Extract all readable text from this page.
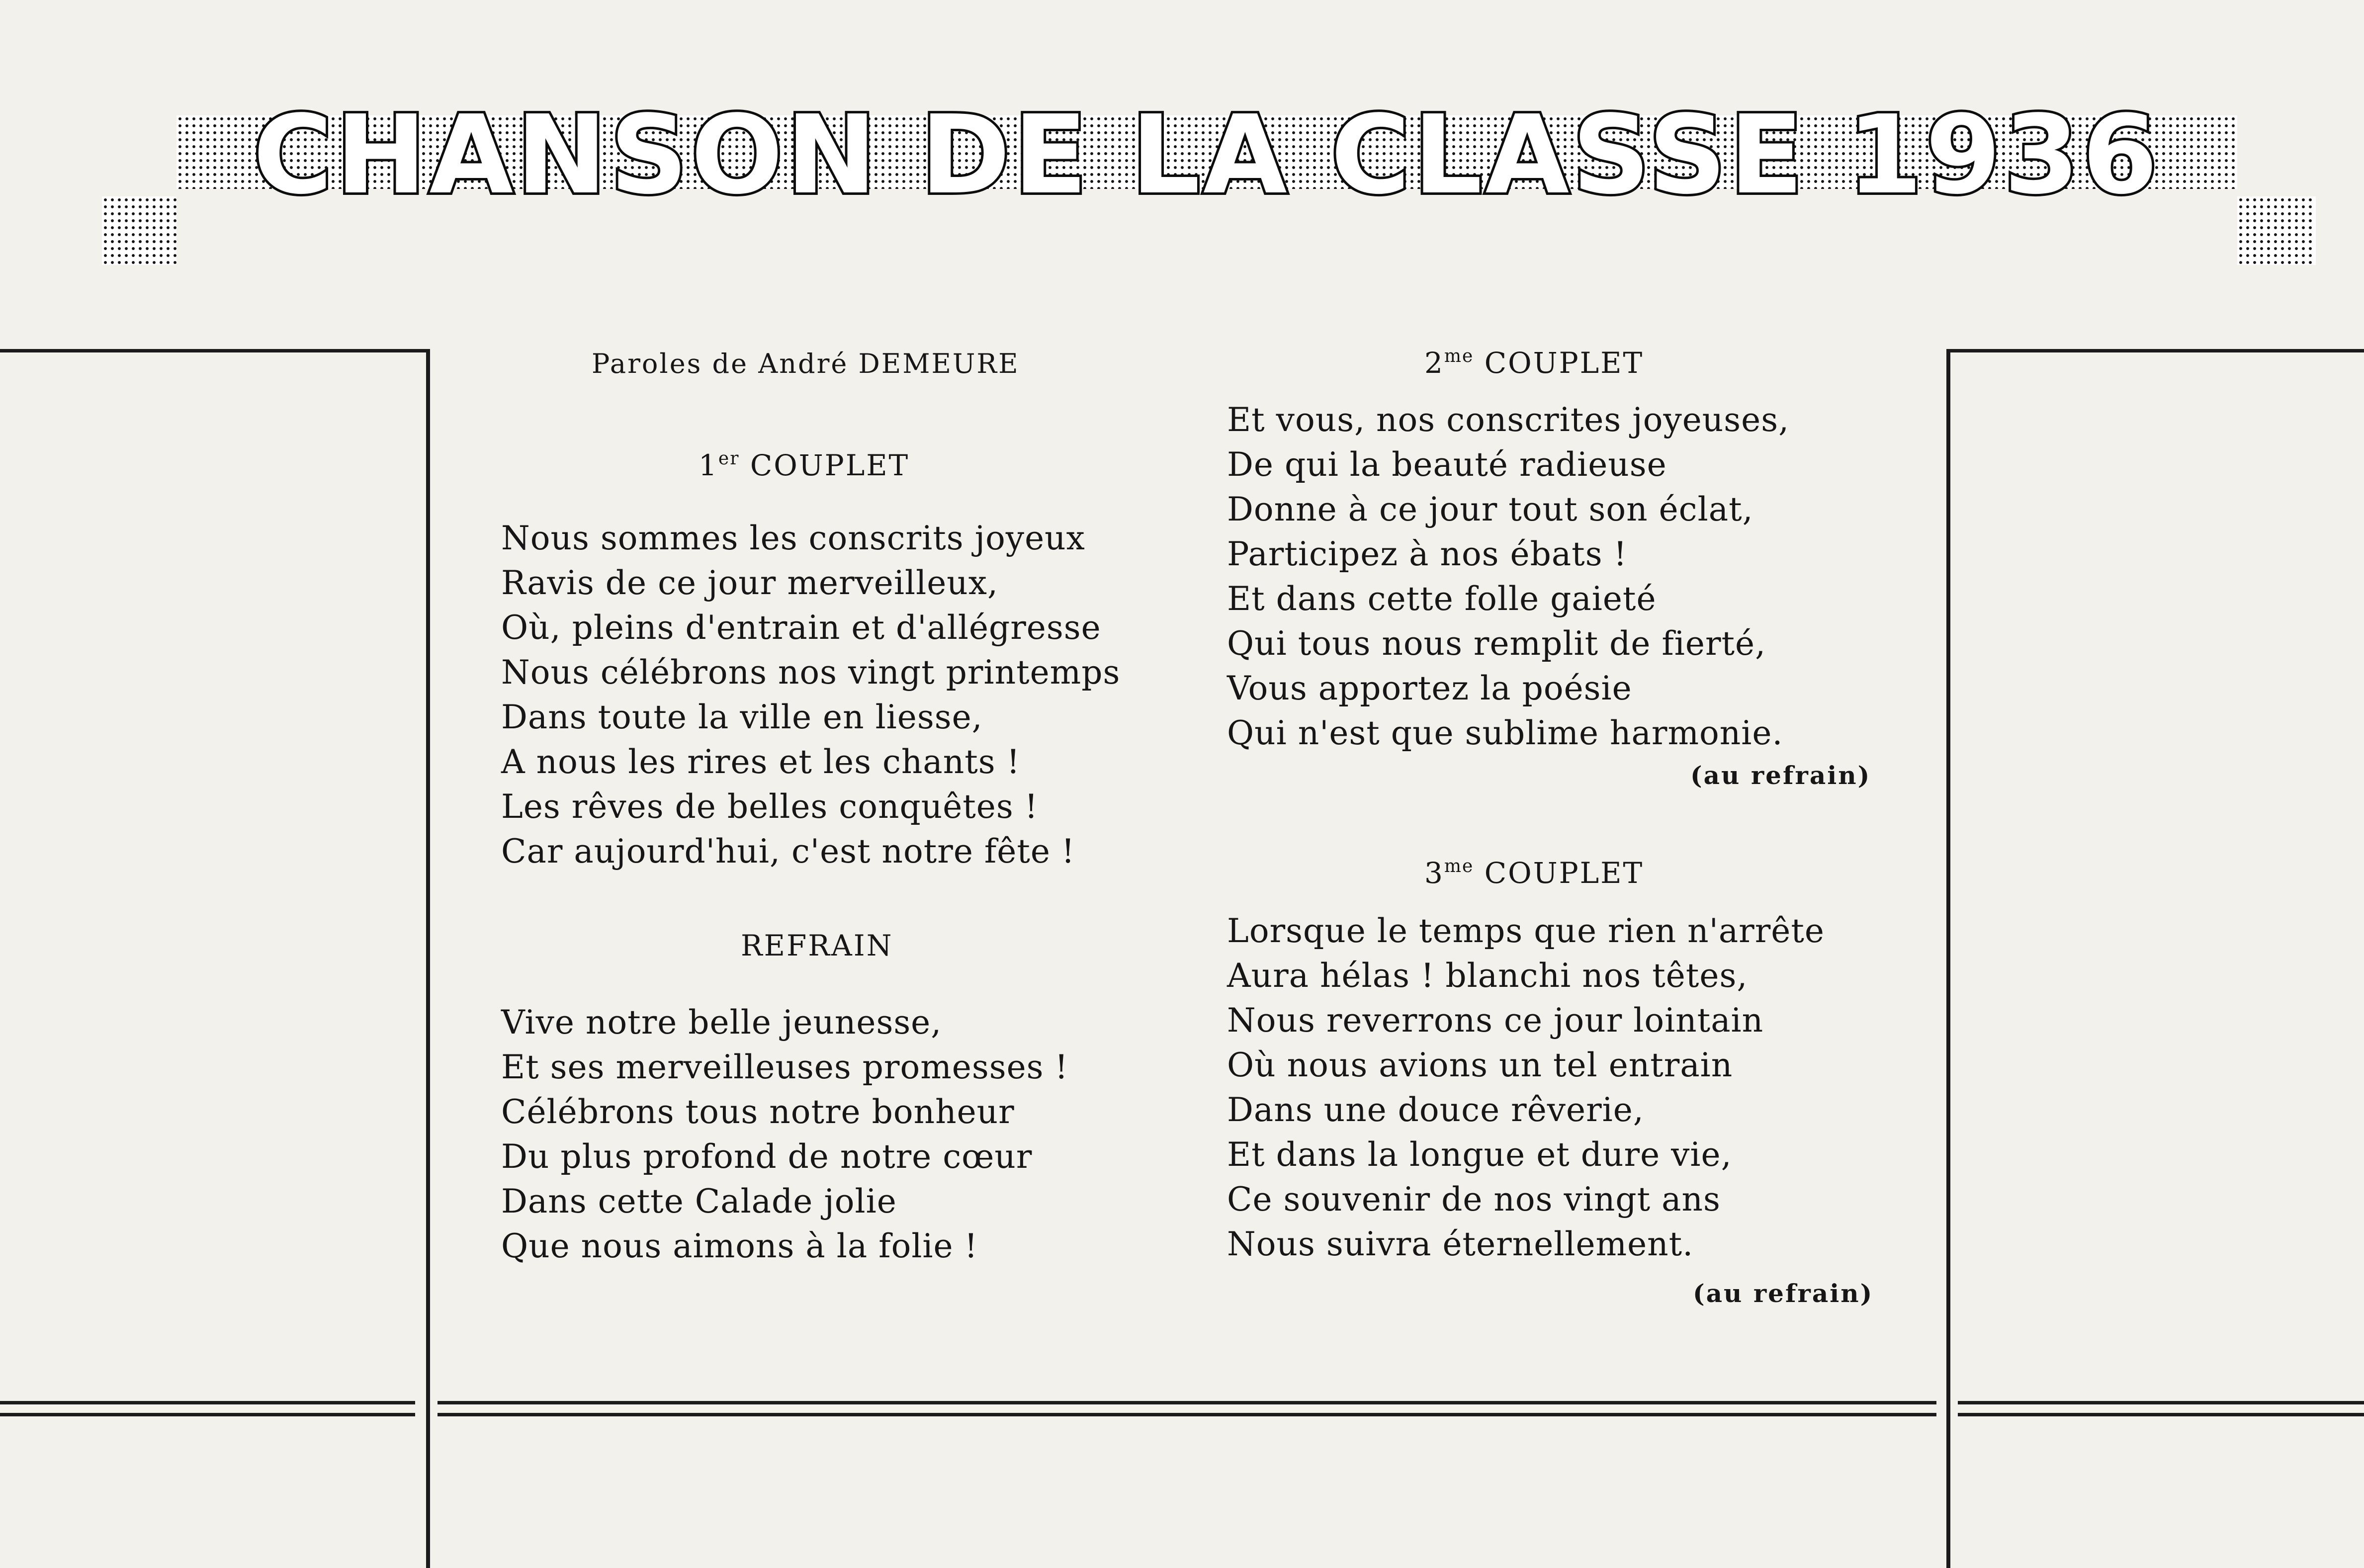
CHANSON DE LA CLASSE 1936
Paroles de André DEMEURE
1er COUPLET
Nous sommes les conscrits joyeux
Ravis de ce jour merveilleux,
Où, pleins d'entrain et d'allégresse
Nous célébrons nos vingt printemps
Dans toute la ville en liesse,
A nous les rires et les chants !
Les rêves de belles conquêtes !
Car aujourd'hui, c'est notre fête !
REFRAIN
Vive notre belle jeunesse,
Et ses merveilleuses promesses !
Célébrons tous notre bonheur
Du plus profond de notre cœur
Dans cette Calade jolie
Que nous aimons à la folie !
$2^{me}$ COUPLET
Et vous, nos conscrites joyeuses,
De qui la beauté radieuse
Donne à ce jour tout son éclat,
Participez à nos ébats !
Et dans cette folle gaieté
Qui tous nous remplit de fierté,
Vous apportez la poésie
Qui n'est que sublime harmonie.
(au refrain)
$3^{me}$ COUPLET
Lorsque le temps que rien n'arrête
Aura hélas ! blanchi nos têtes,
Nous reverrons ce jour lointain
Où nous avions un tel entrain
Dans une douce rêverie,
Et dans la longue et dure vie,
Ce souvenir de nos vingt ans
Nous suivra éternellement.
(au refrain)
